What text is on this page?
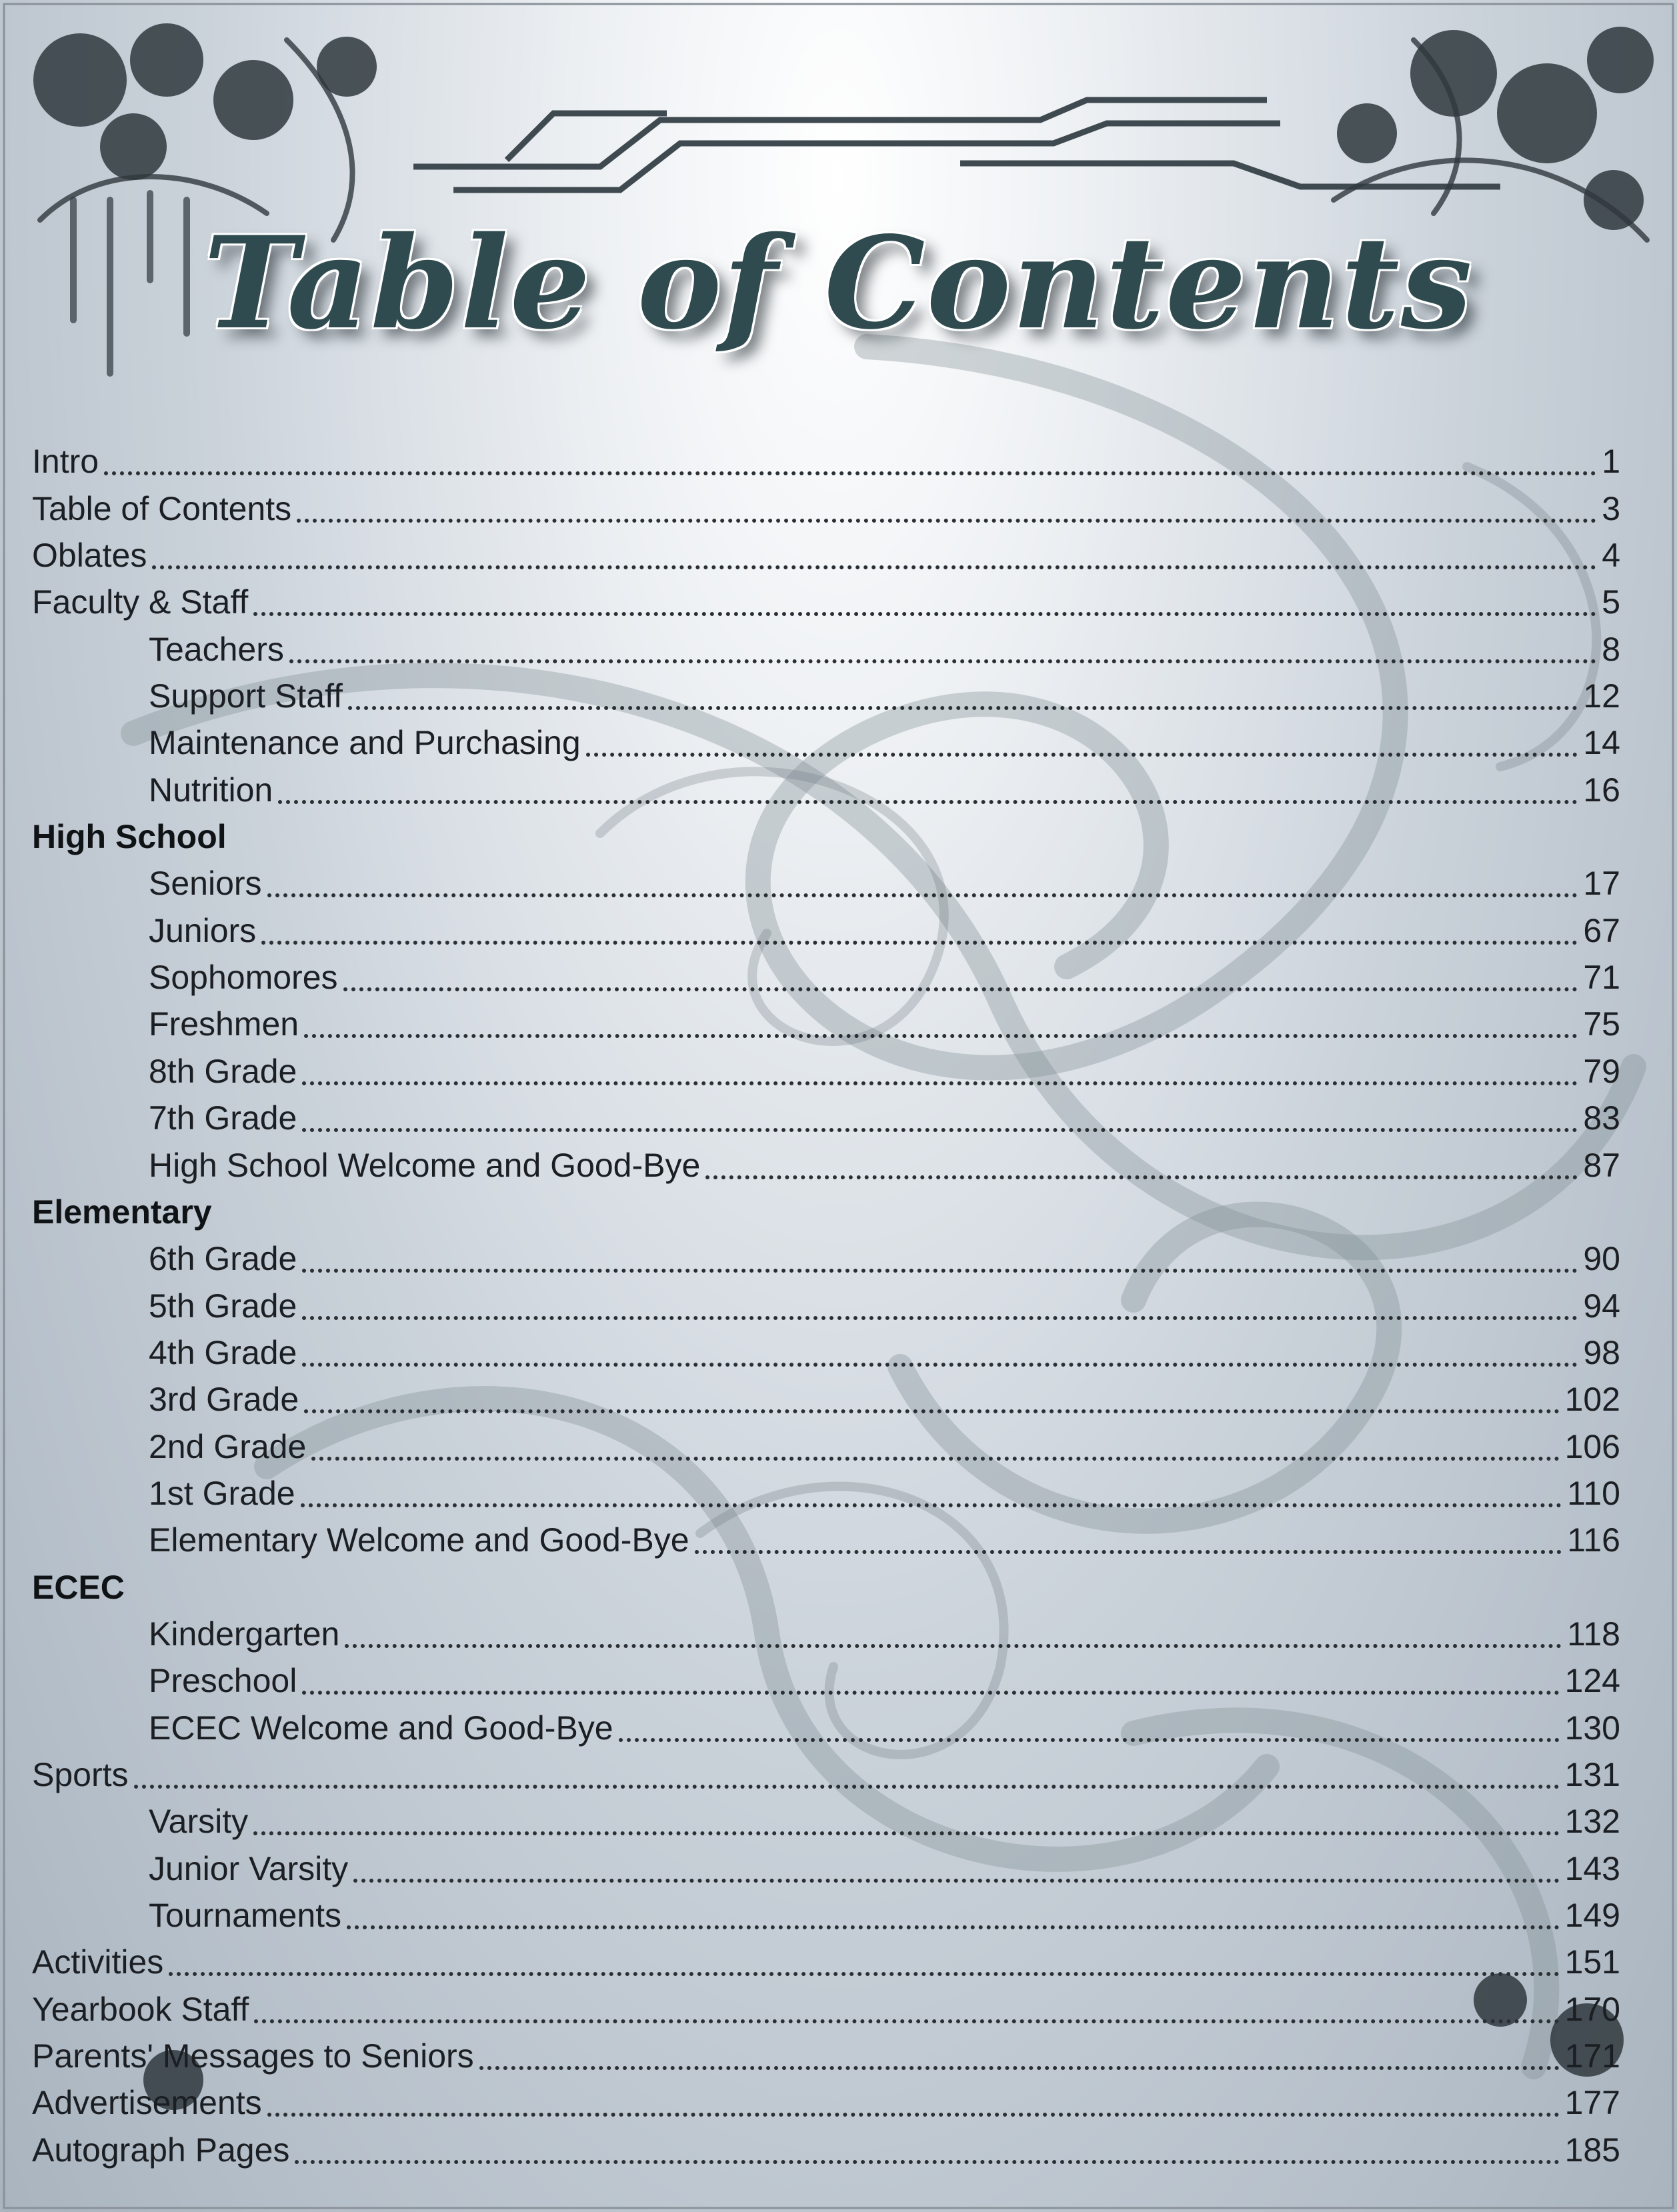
Table of Contents
Intro	1
Table of Contents	3
Oblates	4
Faculty & Staff	5
Teachers	8
Support Staff	12
Maintenance and Purchasing	14
Nutrition	16
High School
Seniors	17
Juniors	67
Sophomores	71
Freshmen	75
8th Grade	79
7th Grade	83
High School Welcome and Good-Bye	87
Elementary
6th Grade	90
5th Grade	94
4th Grade	98
3rd Grade	102
2nd Grade	106
1st Grade	110
Elementary Welcome and Good-Bye	116
ECEC
Kindergarten	118
Preschool	124
ECEC Welcome and Good-Bye	130
Sports	131
Varsity	132
Junior Varsity	143
Tournaments	149
Activities	151
Yearbook Staff	170
Parents' Messages to Seniors	171
Advertisements	177
Autograph Pages	185
